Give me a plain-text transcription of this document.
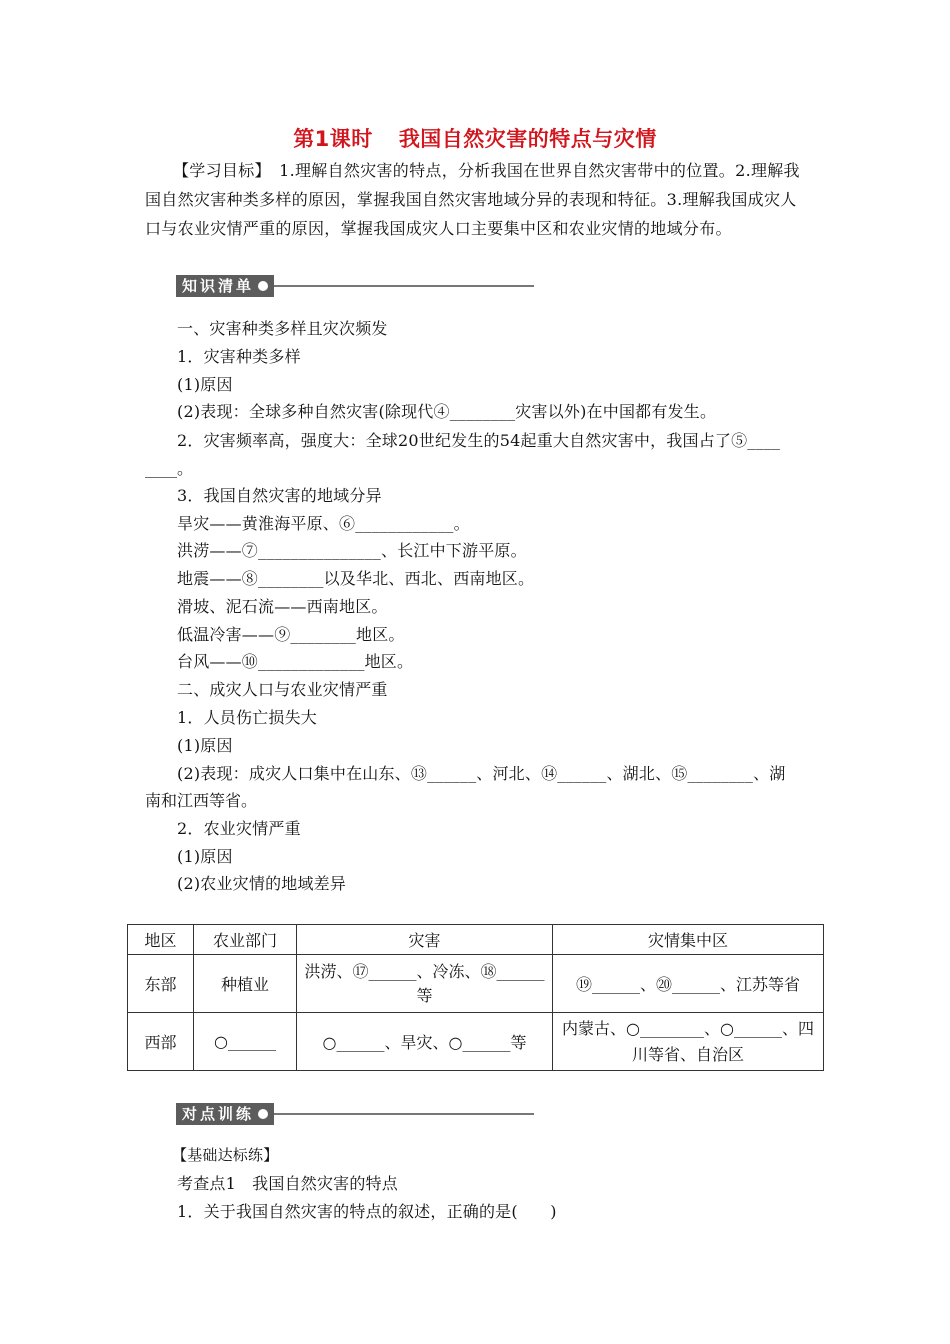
第1课时 我国自然灾害的特点与灾情
【学习目标】　 1.理解自然灾害的特点，分析我国在世界自然灾害带中的位置。2.理解我国自然灾害种类多样的原因，掌握我国自然灾害地域分异的表现和特征。3.理解我国成灾人口与农业灾情严重的原因，掌握我国成灾人口主要集中区和农业灾情的地域分布。
知识清单
一、灾害种类多样且灾次频发
1．灾害种类多样
(1)原因
(2)表现：全球多种自然灾害(除现代④________灾害以外)在中国都有发生。
2．灾害频率高，强度大：全球20世纪发生的54起重大自然灾害中，我国占了⑤____
____。
3．我国自然灾害的地域分异
旱灾——黄淮海平原、⑥____________。
洪涝——⑦_______________、长江中下游平原。
地震——⑧________以及华北、西北、西南地区。
滑坡、泥石流——西南地区。
低温冷害——⑨________地区。
台风——⑩_____________地区。
二、成灾人口与农业灾情严重
1．人员伤亡损失大
(1)原因
(2)表现：成灾人口集中在山东、⑬______、河北、⑭______、湖北、⑮________、湖
南和江西等省。
2．农业灾情严重
(1)原因
(2)农业灾情的地域差异
地区	农业部门	灾害	灾情集中区
东部	种植业	洪涝、⑰______、冷冻、⑱______等	⑲______、⑳______、江苏等省
西部	○______	○______、旱灾、○______等	内蒙古、○________、○______、四川等省、自治区
对点训练
【基础达标练】
考查点1　我国自然灾害的特点
1．关于我国自然灾害的特点的叙述，正确的是(　　)
